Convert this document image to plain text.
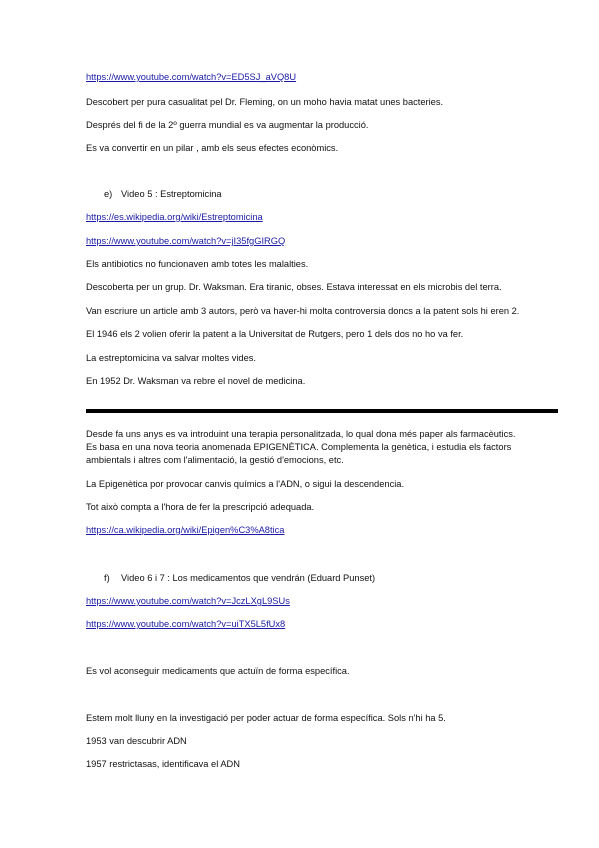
https://www.youtube.com/watch?v=ED5SJ_aVQ8U
Descobert per pura casualitat pel Dr. Fleming, on un moho havia matat unes bacteries.
Després del fi de la 2º guerra mundial es va augmentar la producció.
Es va convertir en un pilar , amb els seus efectes econòmics.
e) Video 5 : Estreptomicina
https://es.wikipedia.org/wiki/Estreptomicina
https://www.youtube.com/watch?v=jI35fgGIRGQ
Els antibiotics no funcionaven amb totes les malalties.
Descoberta per un grup. Dr. Waksman. Era tiranic, obses. Estava interessat en els microbis del terra.
Van escriure un article amb 3 autors, però va haver-hi molta controversia doncs a la patent sols hi eren 2.
El 1946 els 2 volien oferir la patent a la Universitat de Rutgers, pero 1 dels dos no ho va fer.
La estreptomicina va salvar moltes vides.
En 1952 Dr. Waksman va rebre el novel de medicina.
Desde fa uns anys es va introduint una terapia personalitzada, lo qual dona més paper als farmacèutics.
Es basa en una nova teoria anomenada EPIGENÈTICA. Complementa la genètica, i estudia els factors
ambientals i altres com l'alimentació, la gestió d'emocions, etc.
La Epigenètica por provocar canvis químics a l'ADN, o sigui la descendencia.
Tot això compta a l'hora de fer la prescripció adequada.
https://ca.wikipedia.org/wiki/Epigen%C3%A8tica
f) Video 6 i 7 : Los medicamentos que vendrán (Eduard Punset)
https://www.youtube.com/watch?v=JczLXgL9SUs
https://www.youtube.com/watch?v=uiTX5L5fUx8
Es vol aconseguir medicaments que actuïn de forma específica.
Estem molt lluny en la investigació per poder actuar de forma específica. Sols n'hi ha 5.
1953 van descubrir ADN
1957 restrictasas, identificava el ADN
